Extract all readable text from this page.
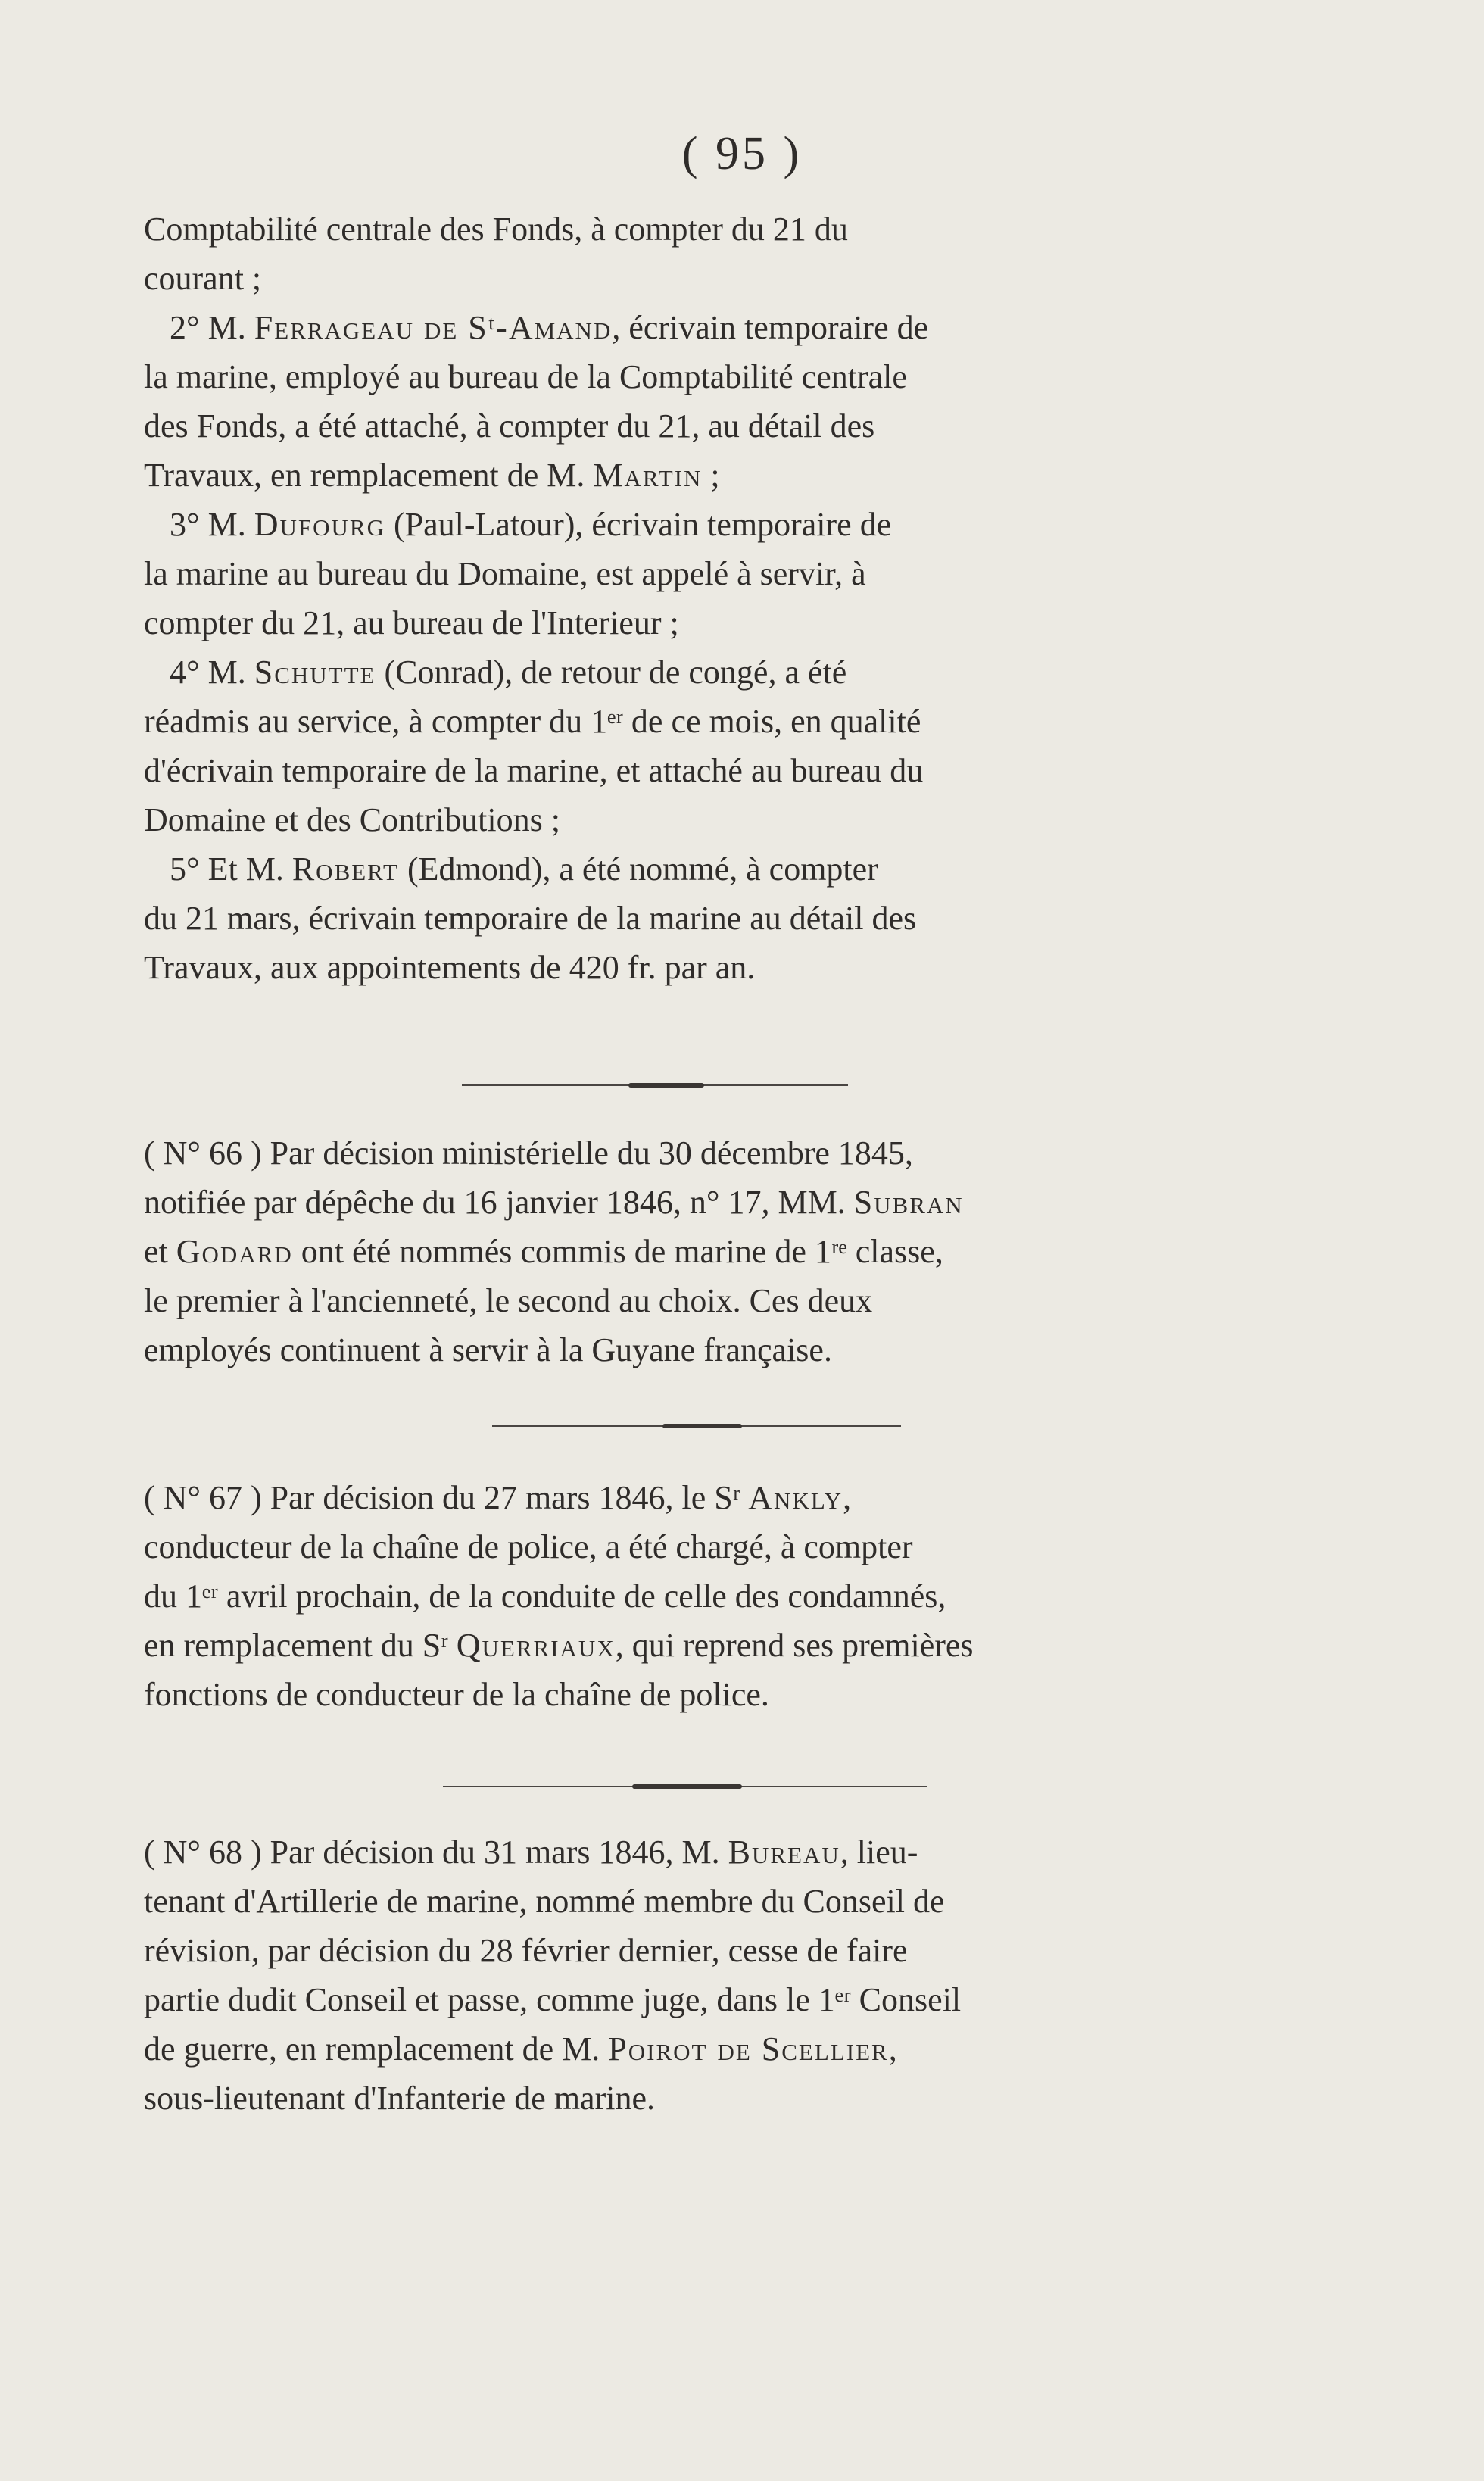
( 95 )

Comptabilité centrale des Fonds, à compter du 21 du

courant ;

2° M. Ferrageau de Sᵗ-Amand, écrivain temporaire de

la marine, employé au bureau de la Comptabilité centrale

des Fonds, a été attaché, à compter du 21, au détail des

Travaux, en remplacement de M. Martin ;

3° M. Dufourg (Paul-Latour), écrivain temporaire de

la marine au bureau du Domaine, est appelé à servir, à

compter du 21, au bureau de l'Interieur ;

4° M. Schutte (Conrad), de retour de congé, a été

réadmis au service, à compter du 1ᵉʳ de ce mois, en qualité

d'écrivain temporaire de la marine, et attaché au bureau du

Domaine et des Contributions ;

5° Et M. Robert (Edmond), a été nommé, à compter

du 21 mars, écrivain temporaire de la marine au détail des

Travaux, aux appointements de 420 fr. par an.

( N° 66 ) Par décision ministérielle du 30 décembre 1845,

notifiée par dépêche du 16 janvier 1846, n° 17, MM. Subran

et Godard ont été nommés commis de marine de 1ʳᵉ classe,

le premier à l'ancienneté, le second au choix. Ces deux

employés continuent à servir à la Guyane française.

( N° 67 ) Par décision du 27 mars 1846, le Sʳ Ankly,

conducteur de la chaîne de police, a été chargé, à compter

du 1ᵉʳ avril prochain, de la conduite de celle des condamnés,

en remplacement du Sʳ Querriaux, qui reprend ses premières

fonctions de conducteur de la chaîne de police.

( N° 68 ) Par décision du 31 mars 1846, M. Bureau, lieu-

tenant d'Artillerie de marine, nommé membre du Conseil de

révision, par décision du 28 février dernier, cesse de faire

partie dudit Conseil et passe, comme juge, dans le 1ᵉʳ Conseil

de guerre, en remplacement de M. Poirot de Scellier,

sous-lieutenant d'Infanterie de marine.
